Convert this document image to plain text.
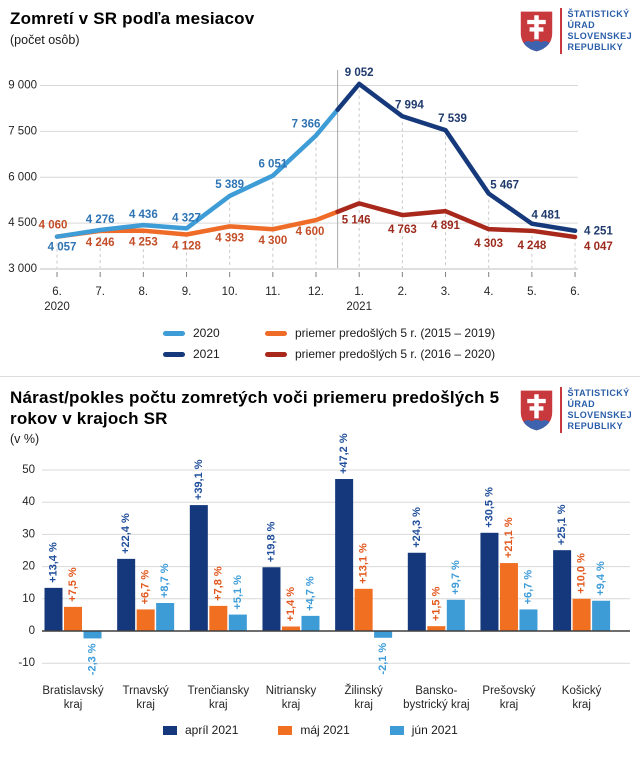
Zomretí v SR podľa mesiacov
(počet osôb)
ŠTATISTICKÝ
ÚRAD
SLOVENSKEJ
REPUBLIKY
3 000
4 500
6 000
7 500
9 000
6.	7.	8.	9.	10. 11. 12.	1.	2.	3.	4.	5.	6.
2020	2021
4 057
4 276 4 436 4 327
5 389
6 051
7 366
9 052
7 994
7 539
5 467
4 481
4 251
4 060
4 246 4 253 4 128
4 393 4 300
4 600
5 146
4 763 4 891
4 303 4 248	4 047
2020	priemer predošlých 5 r. (2015 – 2019)
2021	priemer predošlých 5 r. (2016 – 2020)
Nárast/pokles počtu zomretých voči priemeru predošlých 5 rokov v krajoch SR
(v %)
ŠTATISTICKÝ
ÚRAD
SLOVENSKEJ
REPUBLIKY
50
40
30
20
10
0
-10
Bratislavský kraj
Trnavský kraj
Trenčiansky kraj
Nitriansky kraj
Žilinský kraj
Bansko-bystrický kraj
Prešovský kraj
Košický kraj
+13,4 %
+22,4 %
+39,1 %
+19,8 %
+47,2 %
+24,3 %	+30,5 %	+25,1 %
+7,5 %	+6,7 %	+7,8 %
+1,4 %
+13,1 %
+1,5 %
+21,1 %
+10,0 %
-2,3 %
+8,7 %	+5,1 %	+4,7 %
-2,1 %
+9,7 %	+6,7 %	+9,4 %
apríl 2021	máj 2021	jún 2021
